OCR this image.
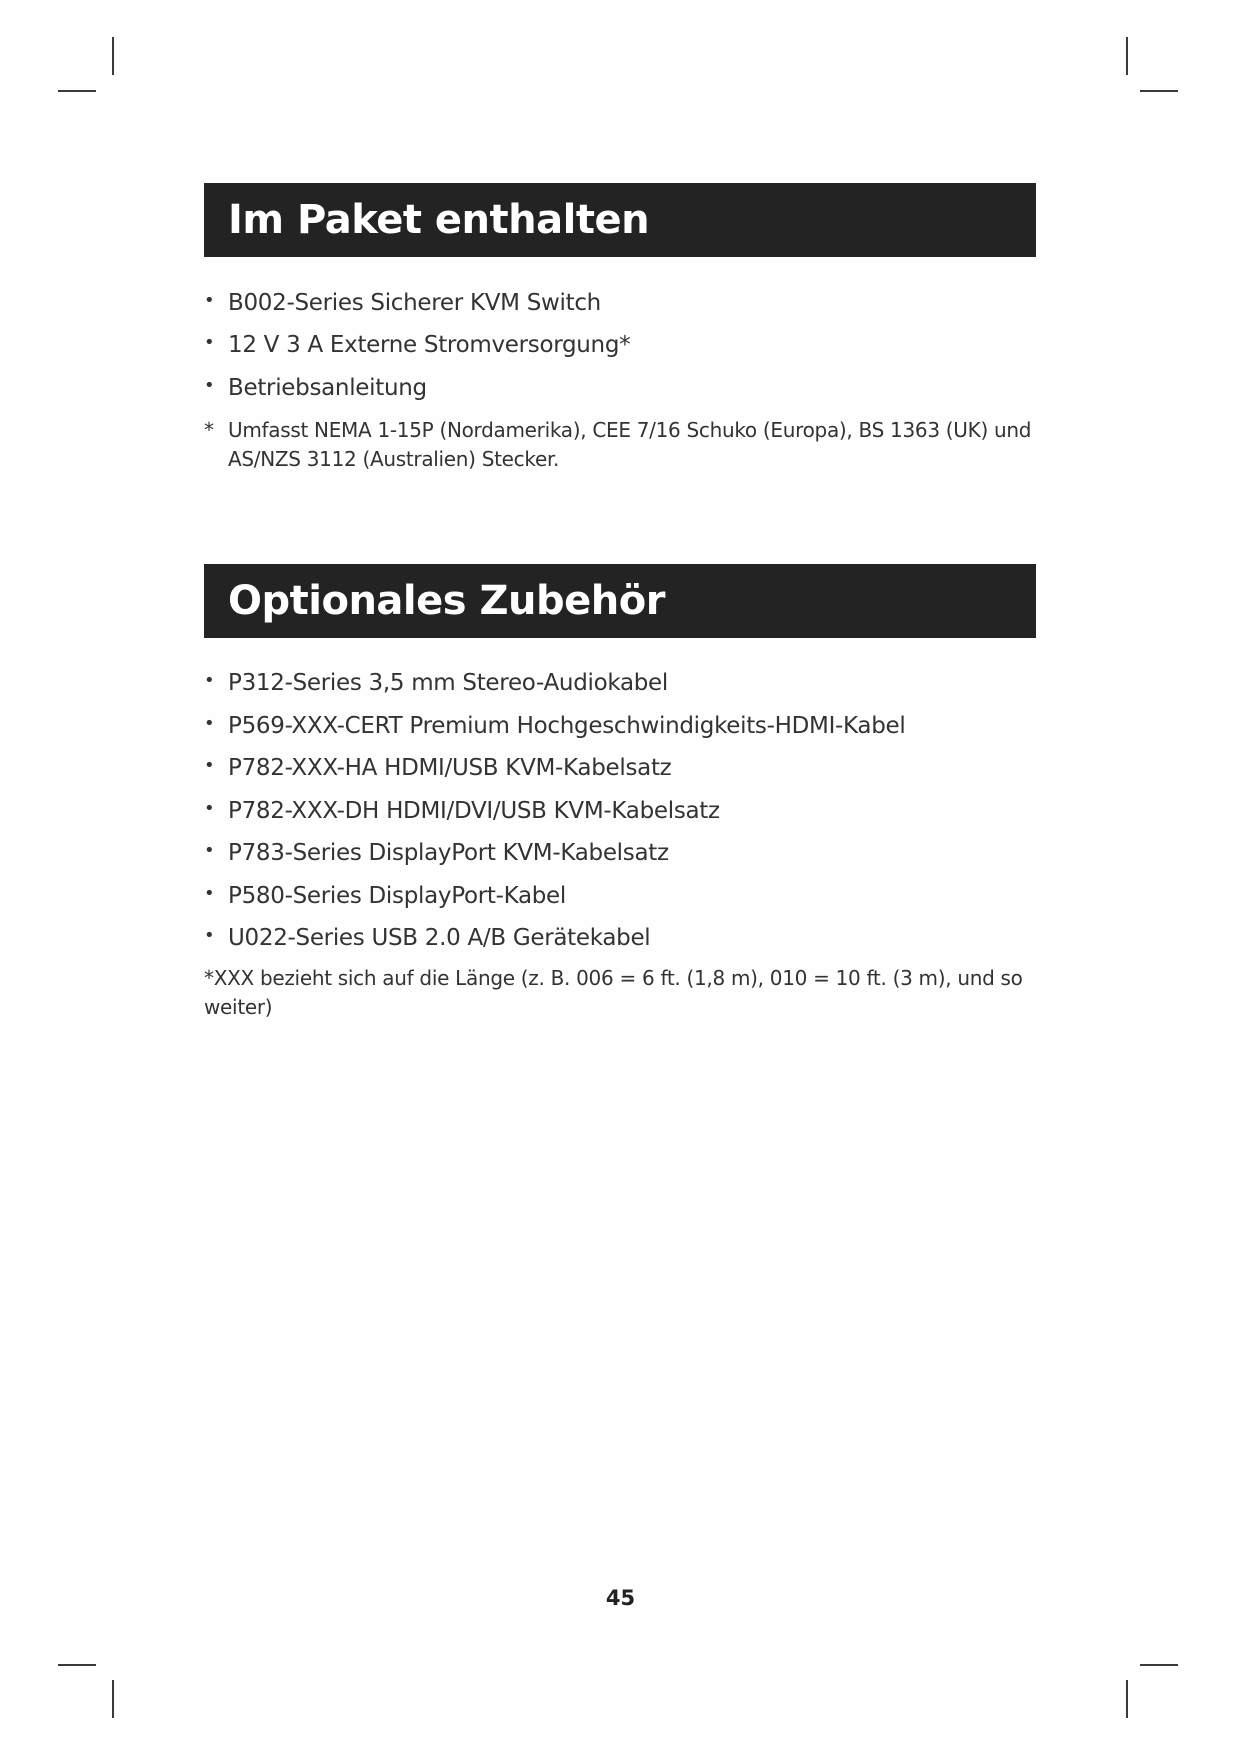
Im Paket enthalten
• B002-Series Sicherer KVM Switch
• 12 V 3 A Externe Stromversorgung*
• Betriebsanleitung
* Umfasst NEMA 1-15P (Nordamerika), CEE 7/16 Schuko (Europa), BS 1363 (UK) und AS/NZS 3112 (Australien) Stecker.
Optionales Zubehör
• P312-Series 3,5 mm Stereo-Audiokabel
• P569-XXX-CERT Premium Hochgeschwindigkeits-HDMI-Kabel
• P782-XXX-HA HDMI/USB KVM-Kabelsatz
• P782-XXX-DH HDMI/DVI/USB KVM-Kabelsatz
• P783-Series DisplayPort KVM-Kabelsatz
• P580-Series DisplayPort-Kabel
• U022-Series USB 2.0 A/B Gerätekabel
*XXX bezieht sich auf die Länge (z. B. 006 = 6 ft. (1,8 m), 010 = 10 ft. (3 m), und so weiter)
45
